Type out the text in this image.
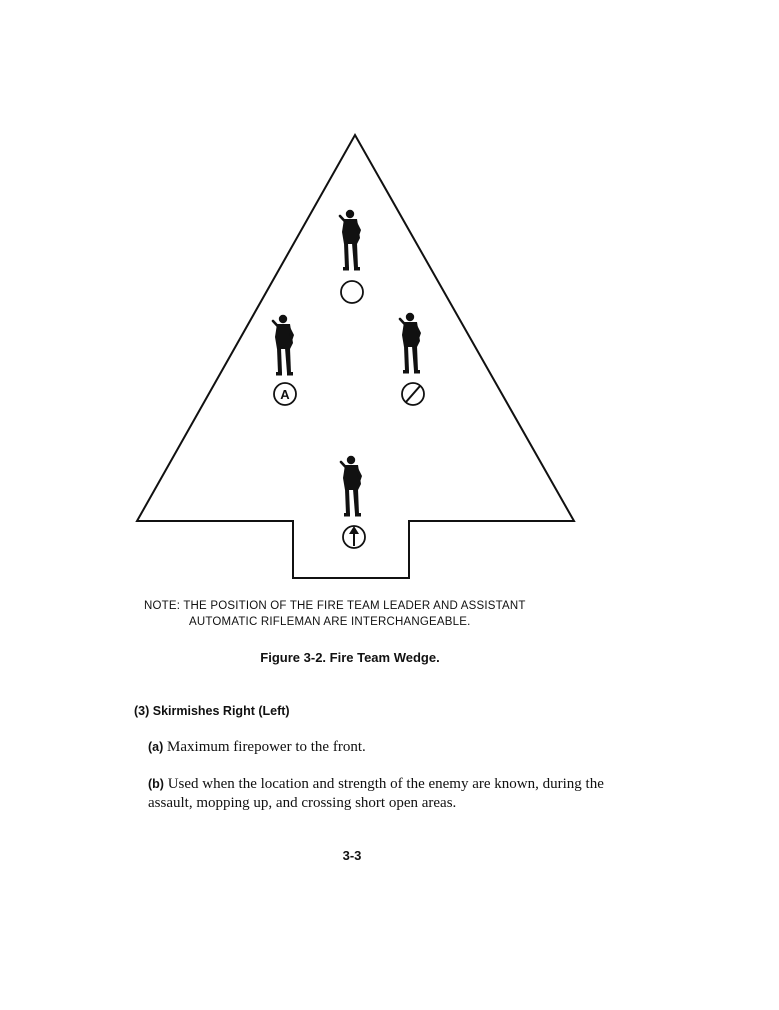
A
NOTE: THE POSITION OF THE FIRE TEAM LEADER AND ASSISTANT
AUTOMATIC RIFLEMAN ARE INTERCHANGEABLE.
Figure 3-2. Fire Team Wedge.
(3) Skirmishes Right (Left)
(a) Maximum firepower to the front.
(b) Used when the location and strength of the enemy are known, during the assault, mopping up, and crossing short open areas.
3-3
